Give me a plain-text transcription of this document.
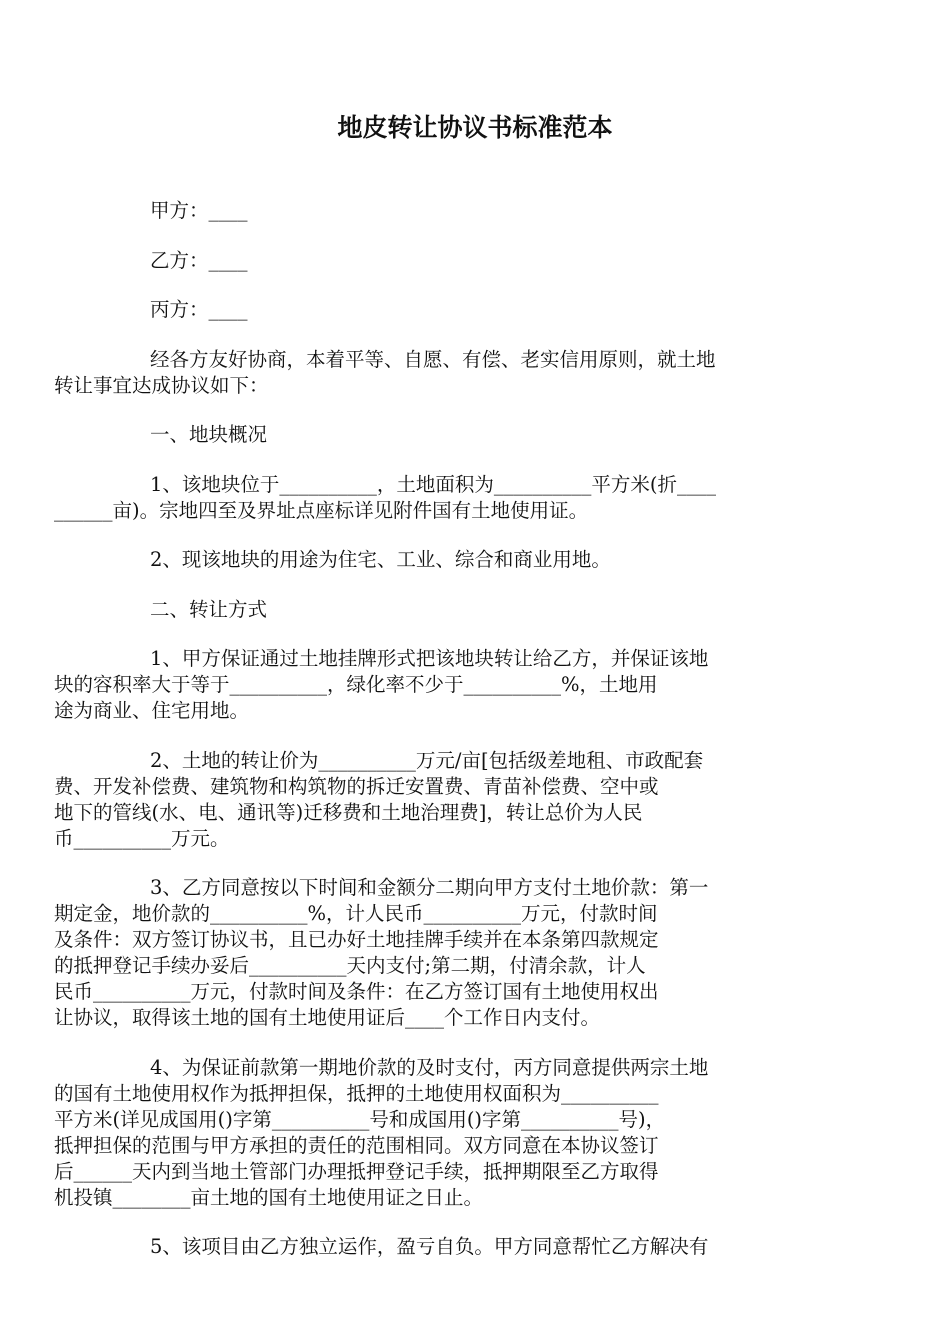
地皮转让协议书标准范本
甲方：____
乙方：____
丙方：____
经各方友好协商，本着平等、自愿、有偿、老实信用原则，就土地
转让事宜达成协议如下：
一、地块概况
1、该地块位于__________，土地面积为__________平方米(折____
______亩)。宗地四至及界址点座标详见附件国有土地使用证。
2、现该地块的用途为住宅、工业、综合和商业用地。
二、转让方式
1、甲方保证通过土地挂牌形式把该地块转让给乙方，并保证该地
块的容积率大于等于__________，绿化率不少于__________%，土地用
途为商业、住宅用地。
2、土地的转让价为__________万元/亩[包括级差地租、市政配套
费、开发补偿费、建筑物和构筑物的拆迁安置费、青苗补偿费、空中或
地下的管线(水、电、通讯等)迁移费和土地治理费]，转让总价为人民
币__________万元。
3、乙方同意按以下时间和金额分二期向甲方支付土地价款：第一
期定金，地价款的__________%，计人民币__________万元，付款时间
及条件：双方签订协议书，且已办好土地挂牌手续并在本条第四款规定
的抵押登记手续办妥后__________天内支付;第二期，付清余款，计人
民币__________万元，付款时间及条件：在乙方签订国有土地使用权出
让协议，取得该土地的国有土地使用证后____个工作日内支付。
4、为保证前款第一期地价款的及时支付，丙方同意提供两宗土地
的国有土地使用权作为抵押担保，抵押的土地使用权面积为__________
平方米(详见成国用()字第__________号和成国用()字第__________号)，
抵押担保的范围与甲方承担的责任的范围相同。双方同意在本协议签订
后______天内到当地土管部门办理抵押登记手续，抵押期限至乙方取得
机投镇________亩土地的国有土地使用证之日止。
5、该项目由乙方独立运作，盈亏自负。甲方同意帮忙乙方解决有
